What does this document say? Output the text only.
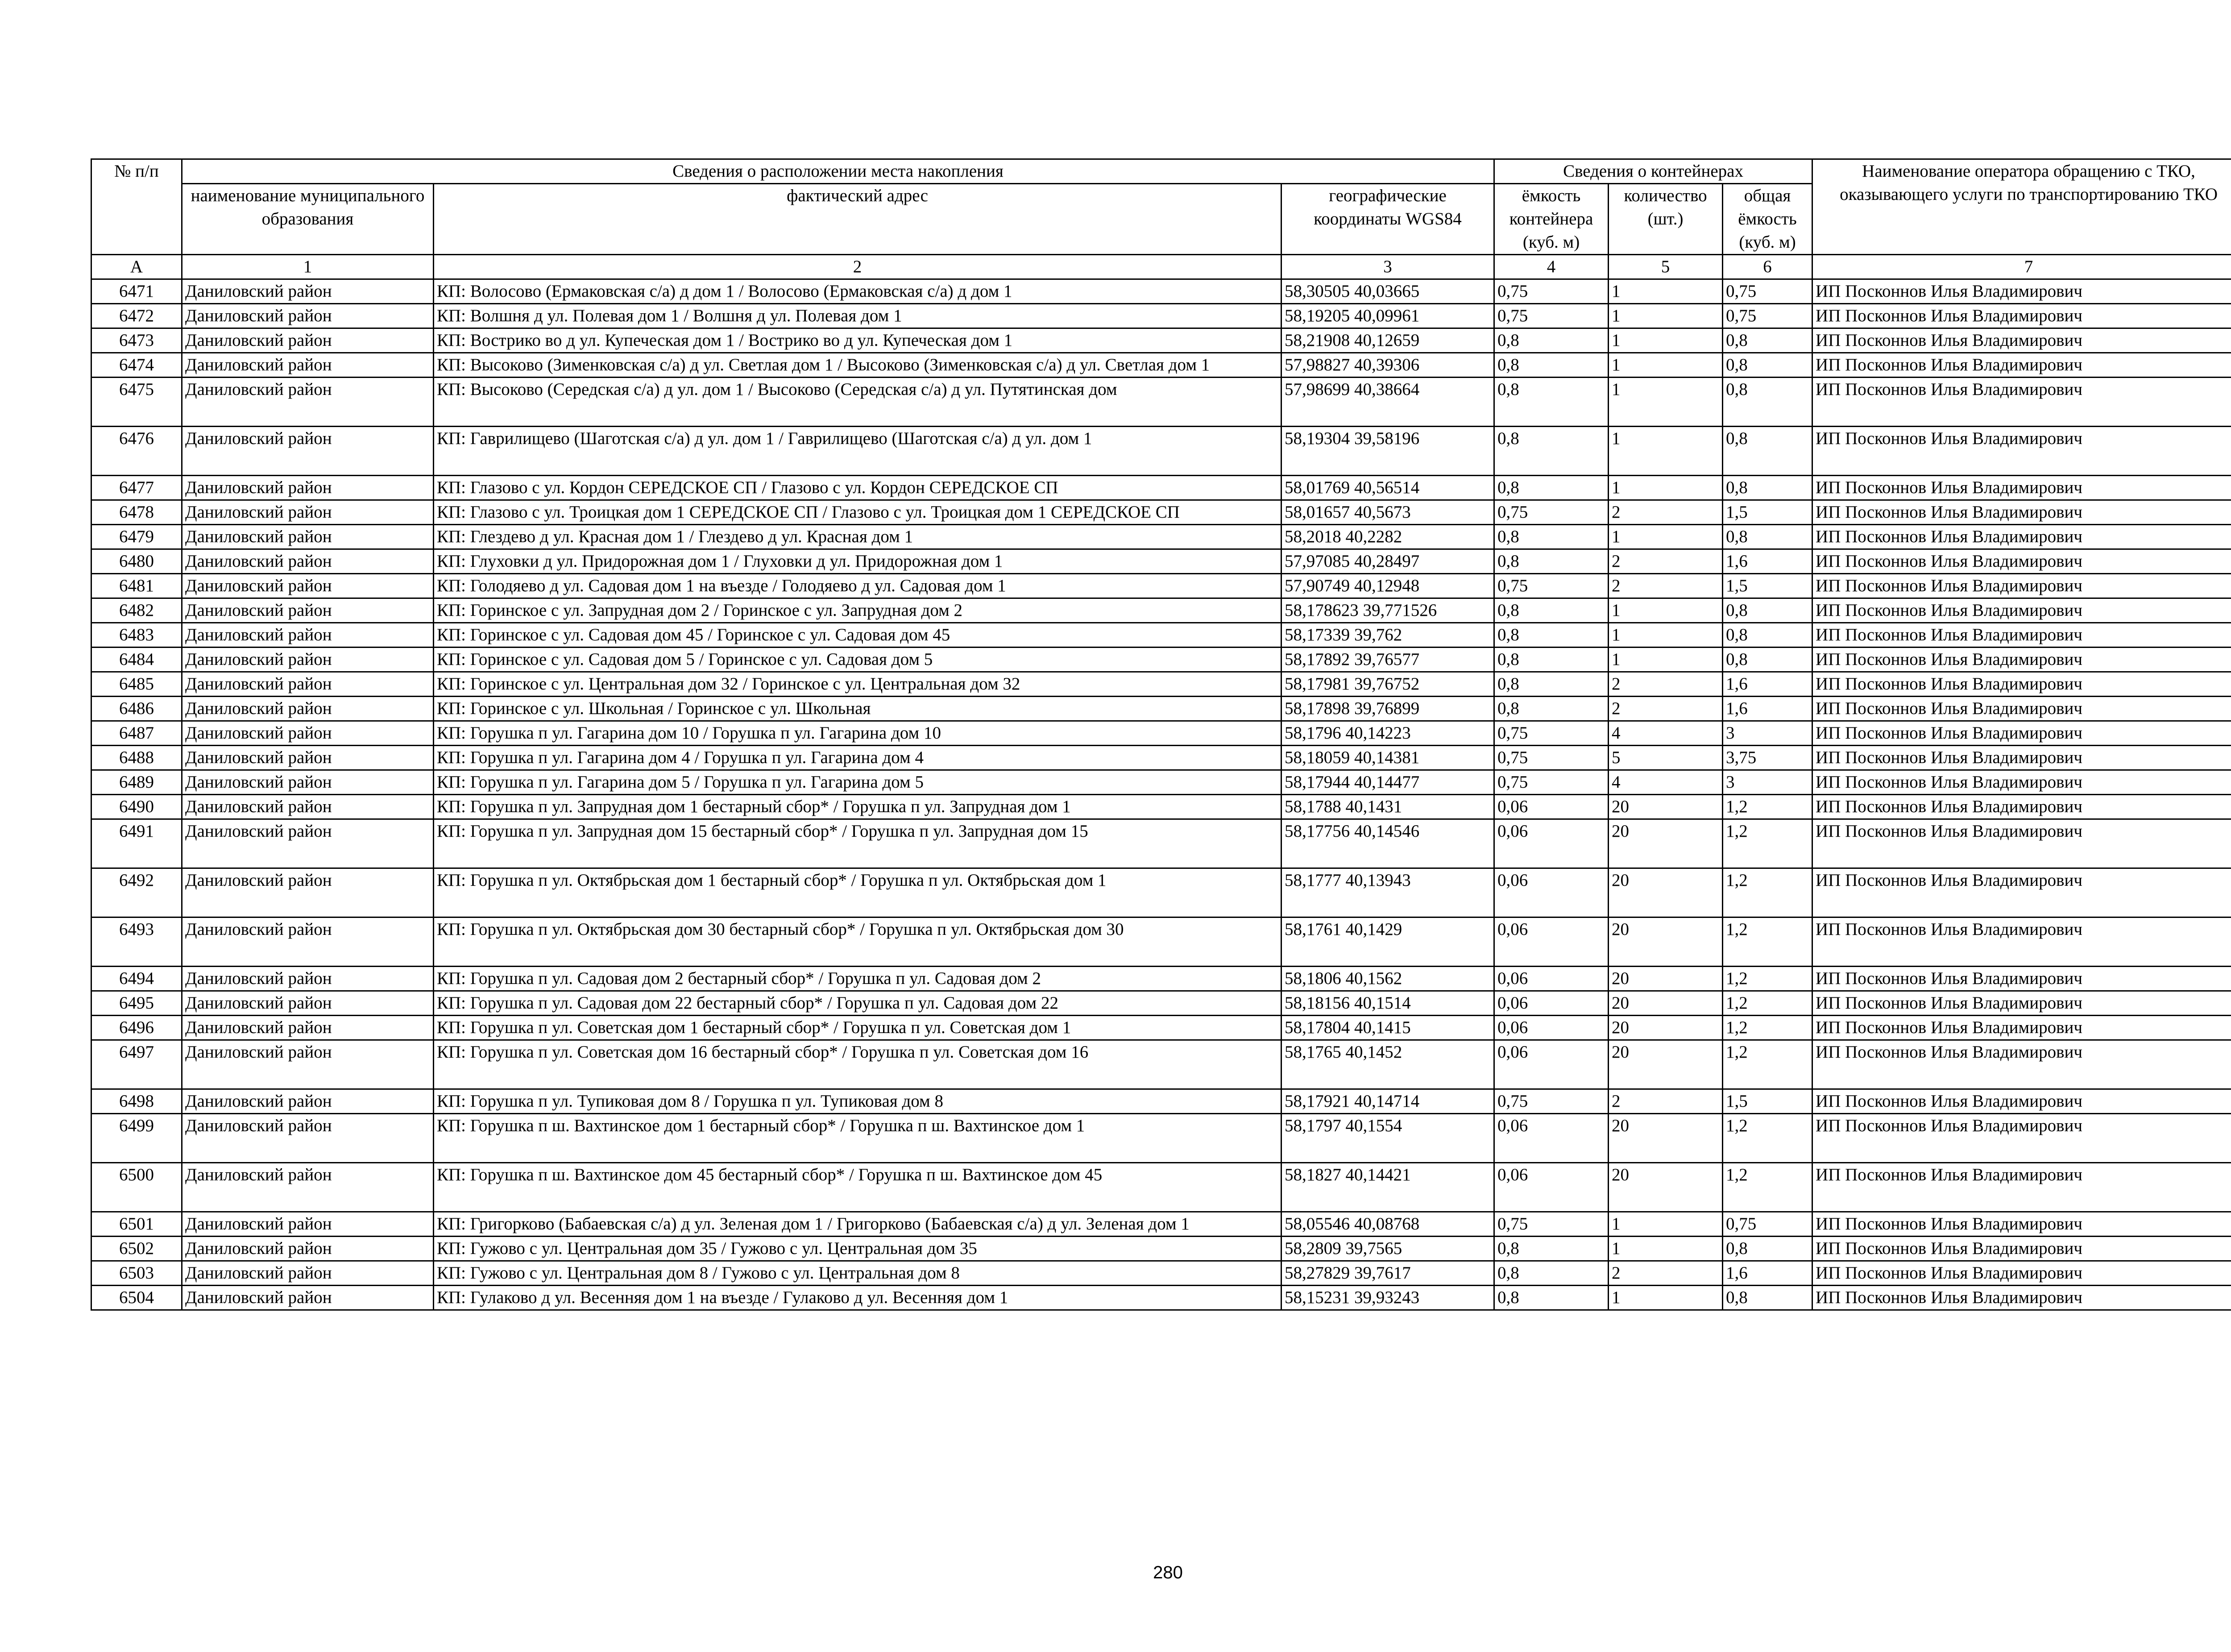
№ п/п	Сведения о расположении места накопления			Сведения о контейнерах			Наименование оператора обращению с ТКО, оказывающего услуги по транспортированию ТКО
	наименование муниципального образования	фактический адрес	географические координаты WGS84	ёмкость контейнера (куб. м)	количество (шт.)	общая ёмкость (куб. м)	
A	1	2	3	4	5	6	7
6471	Даниловский район	КП: Волосово (Ермаковская с/а) д дом 1 / Волосово (Ермаковская с/а) д дом 1	58,30505 40,03665	0,75	1	0,75	ИП Посконнов Илья Владимирович
6472	Даниловский район	КП: Волшня д ул. Полевая дом 1 / Волшня д ул. Полевая дом 1	58,19205 40,09961	0,75	1	0,75	ИП Посконнов Илья Владимирович
6473	Даниловский район	КП: Вострико во д ул. Купеческая дом 1 / Вострико во д ул. Купеческая дом 1	58,21908 40,12659	0,8	1	0,8	ИП Посконнов Илья Владимирович
6474	Даниловский район	КП: Высоково (Зименковская с/а) д ул. Светлая дом 1 / Высоково (Зименковская с/а) д ул. Светлая дом 1	57,98827 40,39306	0,8	1	0,8	ИП Посконнов Илья Владимирович
6475	Даниловский район	КП: Высоково (Середская с/а) д ул. дом 1 / Высоково (Середская с/а) д ул. Путятинская дом	57,98699 40,38664	0,8	1	0,8	ИП Посконнов Илья Владимирович
6476	Даниловский район	КП: Гаврилищево (Шаготская с/а) д ул. дом 1 / Гаврилищево (Шаготская с/а) д ул. дом 1	58,19304 39,58196	0,8	1	0,8	ИП Посконнов Илья Владимирович
6477	Даниловский район	КП: Глазово с ул. Кордон СЕРЕДСКОЕ СП / Глазово с ул. Кордон СЕРЕДСКОЕ СП	58,01769 40,56514	0,8	1	0,8	ИП Посконнов Илья Владимирович
6478	Даниловский район	КП: Глазово с ул. Троицкая дом 1 СЕРЕДСКОЕ СП / Глазово с ул. Троицкая дом 1 СЕРЕДСКОЕ СП	58,01657 40,5673	0,75	2	1,5	ИП Посконнов Илья Владимирович
6479	Даниловский район	КП: Глездево д ул. Красная дом 1 / Глездево д ул. Красная дом 1	58,2018 40,2282	0,8	1	0,8	ИП Посконнов Илья Владимирович
6480	Даниловский район	КП: Глуховки д ул. Придорожная дом 1 / Глуховки д ул. Придорожная дом 1	57,97085 40,28497	0,8	2	1,6	ИП Посконнов Илья Владимирович
6481	Даниловский район	КП: Голодяево д ул. Садовая дом 1 на въезде / Голодяево д ул. Садовая дом 1	57,90749 40,12948	0,75	2	1,5	ИП Посконнов Илья Владимирович
6482	Даниловский район	КП: Горинское с ул. Запрудная дом 2 / Горинское с ул. Запрудная дом 2	58,178623 39,771526	0,8	1	0,8	ИП Посконнов Илья Владимирович
6483	Даниловский район	КП: Горинское с ул. Садовая дом 45 / Горинское с ул. Садовая дом 45	58,17339 39,762	0,8	1	0,8	ИП Посконнов Илья Владимирович
6484	Даниловский район	КП: Горинское с ул. Садовая дом 5 / Горинское с ул. Садовая дом 5	58,17892 39,76577	0,8	1	0,8	ИП Посконнов Илья Владимирович
6485	Даниловский район	КП: Горинское с ул. Центральная дом 32 / Горинское с ул. Центральная дом 32	58,17981 39,76752	0,8	2	1,6	ИП Посконнов Илья Владимирович
6486	Даниловский район	КП: Горинское с ул. Школьная / Горинское с ул. Школьная	58,17898 39,76899	0,8	2	1,6	ИП Посконнов Илья Владимирович
6487	Даниловский район	КП: Горушка п ул. Гагарина дом 10 / Горушка п ул. Гагарина дом 10	58,1796 40,14223	0,75	4	3	ИП Посконнов Илья Владимирович
6488	Даниловский район	КП: Горушка п ул. Гагарина дом 4 / Горушка п ул. Гагарина дом 4	58,18059 40,14381	0,75	5	3,75	ИП Посконнов Илья Владимирович
6489	Даниловский район	КП: Горушка п ул. Гагарина дом 5 / Горушка п ул. Гагарина дом 5	58,17944 40,14477	0,75	4	3	ИП Посконнов Илья Владимирович
6490	Даниловский район	КП: Горушка п ул. Запрудная дом 1 бестарный сбор* / Горушка п ул. Запрудная дом 1	58,1788 40,1431	0,06	20	1,2	ИП Посконнов Илья Владимирович
6491	Даниловский район	КП: Горушка п ул. Запрудная дом 15 бестарный сбор* / Горушка п ул. Запрудная дом 15	58,17756 40,14546	0,06	20	1,2	ИП Посконнов Илья Владимирович
6492	Даниловский район	КП: Горушка п ул. Октябрьская дом 1 бестарный сбор* / Горушка п ул. Октябрьская дом 1	58,1777 40,13943	0,06	20	1,2	ИП Посконнов Илья Владимирович
6493	Даниловский район	КП: Горушка п ул. Октябрьская дом 30 бестарный сбор* / Горушка п ул. Октябрьская дом 30	58,1761 40,1429	0,06	20	1,2	ИП Посконнов Илья Владимирович
6494	Даниловский район	КП: Горушка п ул. Садовая дом 2 бестарный сбор* / Горушка п ул. Садовая дом 2	58,1806 40,1562	0,06	20	1,2	ИП Посконнов Илья Владимирович
6495	Даниловский район	КП: Горушка п ул. Садовая дом 22 бестарный сбор* / Горушка п ул. Садовая дом 22	58,18156 40,1514	0,06	20	1,2	ИП Посконнов Илья Владимирович
6496	Даниловский район	КП: Горушка п ул. Советская дом 1 бестарный сбор* / Горушка п ул. Советская дом 1	58,17804 40,1415	0,06	20	1,2	ИП Посконнов Илья Владимирович
6497	Даниловский район	КП: Горушка п ул. Советская дом 16 бестарный сбор* / Горушка п ул. Советская дом 16	58,1765 40,1452	0,06	20	1,2	ИП Посконнов Илья Владимирович
6498	Даниловский район	КП: Горушка п ул. Тупиковая дом 8 / Горушка п ул. Тупиковая дом 8	58,17921 40,14714	0,75	2	1,5	ИП Посконнов Илья Владимирович
6499	Даниловский район	КП: Горушка п ш. Вахтинское дом 1 бестарный сбор* / Горушка п ш. Вахтинское дом 1	58,1797 40,1554	0,06	20	1,2	ИП Посконнов Илья Владимирович
6500	Даниловский район	КП: Горушка п ш. Вахтинское дом 45 бестарный сбор* / Горушка п ш. Вахтинское дом 45	58,1827 40,14421	0,06	20	1,2	ИП Посконнов Илья Владимирович
6501	Даниловский район	КП: Григорково (Бабаевская с/а) д ул. Зеленая дом 1 / Григорково (Бабаевская с/а) д ул. Зеленая дом 1	58,05546 40,08768	0,75	1	0,75	ИП Посконнов Илья Владимирович
6502	Даниловский район	КП: Гужово с ул. Центральная дом 35 / Гужово с ул. Центральная дом 35	58,2809 39,7565	0,8	1	0,8	ИП Посконнов Илья Владимирович
6503	Даниловский район	КП: Гужово с ул. Центральная дом 8 / Гужово с ул. Центральная дом 8	58,27829 39,7617	0,8	2	1,6	ИП Посконнов Илья Владимирович
6504	Даниловский район	КП: Гулаково д ул. Весенняя дом 1 на въезде / Гулаково д ул. Весенняя дом 1	58,15231 39,93243	0,8	1	0,8	ИП Посконнов Илья Владимирович
280
